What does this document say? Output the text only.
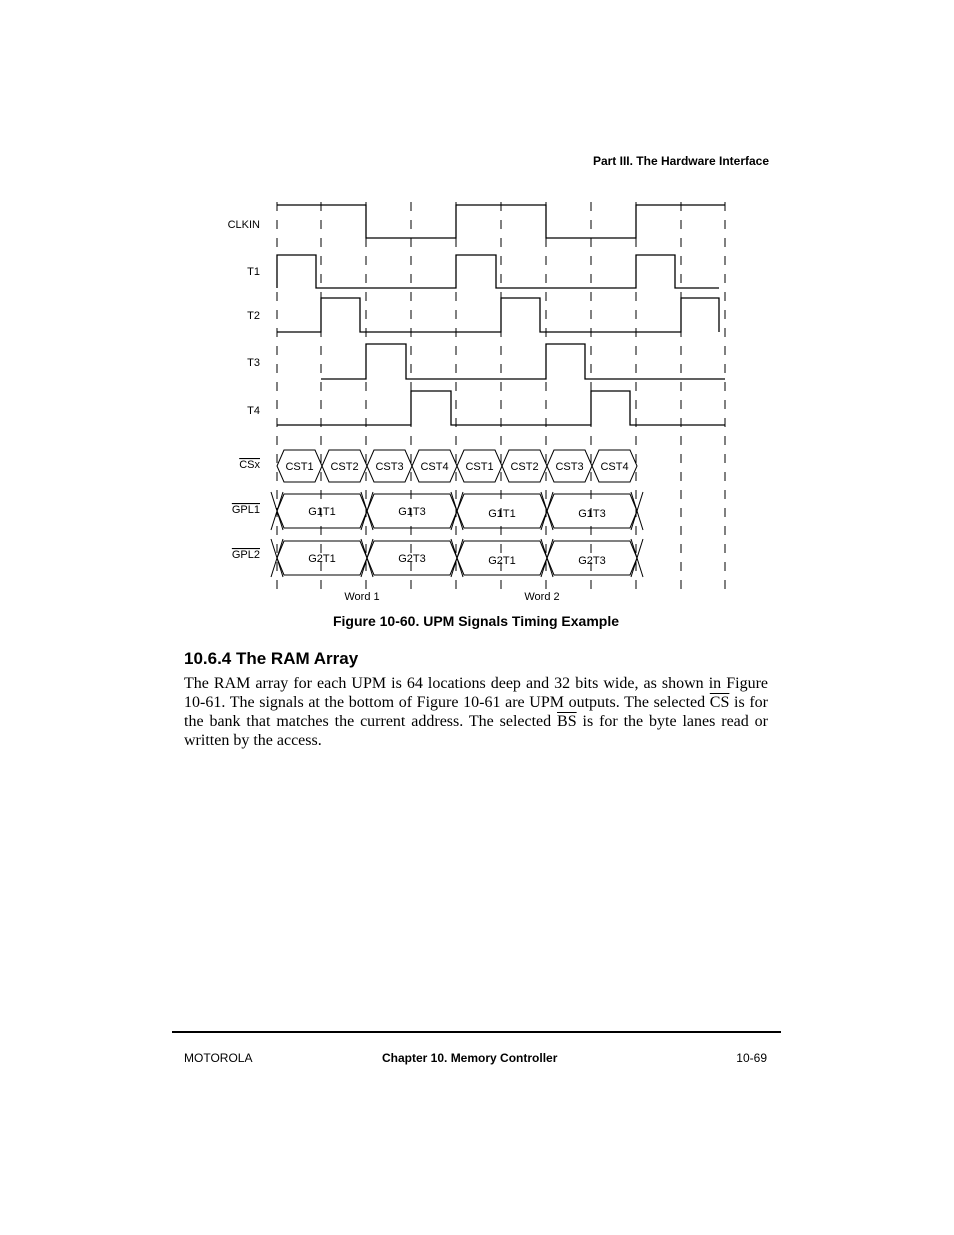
Part III. The Hardware Interface
CST1 CST2 CST3 CST4 CST1 CST2 CST3 CST4
G1T1	G1T3	G1T1	G1T3
G2T1	G2T3	G2T1	G2T3
CLKIN
T1
T2
T3
T4
CSx
GPL1
GPL2
Word 1	Word 2
Figure 10-60. UPM Signals Timing Example
10.6.4 The RAM Array
The RAM array for each UPM is 64 locations deep and 32 bits wide, as shown in Figure 10-61. The signals at the bottom of Figure 10-61 are UPM outputs. The selected $\overline{CS}$ is for the bank that matches the current address. The selected $\overline{BS}$ is for the byte lanes read or written by the access.
MOTOROLA	Chapter 10. Memory Controller	10-69
